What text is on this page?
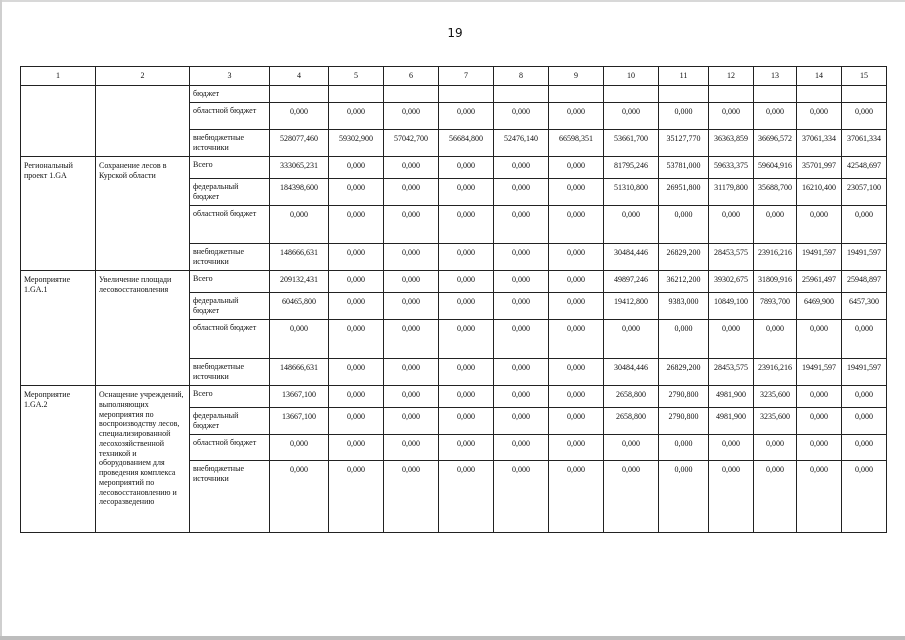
19
1	2	3	4	5	6	7	8	9	10	11	12	13	14	15
		бюджет												
		областной бюджет	0,000	0,000	0,000	0,000	0,000	0,000	0,000	0,000	0,000	0,000	0,000	0,000
		внебюджетные источники	528077,460	59302,900	57042,700	56684,800	52476,140	66598,351	53661,700	35127,770	36363,859	36696,572	37061,334	37061,334
Региональный проект 1.GA	Сохранение лесов в Курской области	Всего	333065,231	0,000	0,000	0,000	0,000	0,000	81795,246	53781,000	59633,375	59604,916	35701,997	42548,697
		федеральный бюджет	184398,600	0,000	0,000	0,000	0,000	0,000	51310,800	26951,800	31179,800	35688,700	16210,400	23057,100
		областной бюджет	0,000	0,000	0,000	0,000	0,000	0,000	0,000	0,000	0,000	0,000	0,000	0,000
		внебюджетные источники	148666,631	0,000	0,000	0,000	0,000	0,000	30484,446	26829,200	28453,575	23916,216	19491,597	19491,597
Мероприятие 1.GA.1	Увеличение площади лесовосстановления	Всего	209132,431	0,000	0,000	0,000	0,000	0,000	49897,246	36212,200	39302,675	31809,916	25961,497	25948,897
		федеральный бюджет	60465,800	0,000	0,000	0,000	0,000	0,000	19412,800	9383,000	10849,100	7893,700	6469,900	6457,300
		областной бюджет	0,000	0,000	0,000	0,000	0,000	0,000	0,000	0,000	0,000	0,000	0,000	0,000
		внебюджетные источники	148666,631	0,000	0,000	0,000	0,000	0,000	30484,446	26829,200	28453,575	23916,216	19491,597	19491,597
Мероприятие 1.GA.2	Оснащение учреждений, выполняющих мероприятия по воспроизводству лесов, специализированной лесохозяйственной техникой и оборудованием для проведения комплекса мероприятий по лесовосстановлению и лесоразведению	Всего	13667,100	0,000	0,000	0,000	0,000	0,000	2658,800	2790,800	4981,900	3235,600	0,000	0,000
		федеральный бюджет	13667,100	0,000	0,000	0,000	0,000	0,000	2658,800	2790,800	4981,900	3235,600	0,000	0,000
		областной бюджет	0,000	0,000	0,000	0,000	0,000	0,000	0,000	0,000	0,000	0,000	0,000	0,000
		внебюджетные источники	0,000	0,000	0,000	0,000	0,000	0,000	0,000	0,000	0,000	0,000	0,000	0,000
